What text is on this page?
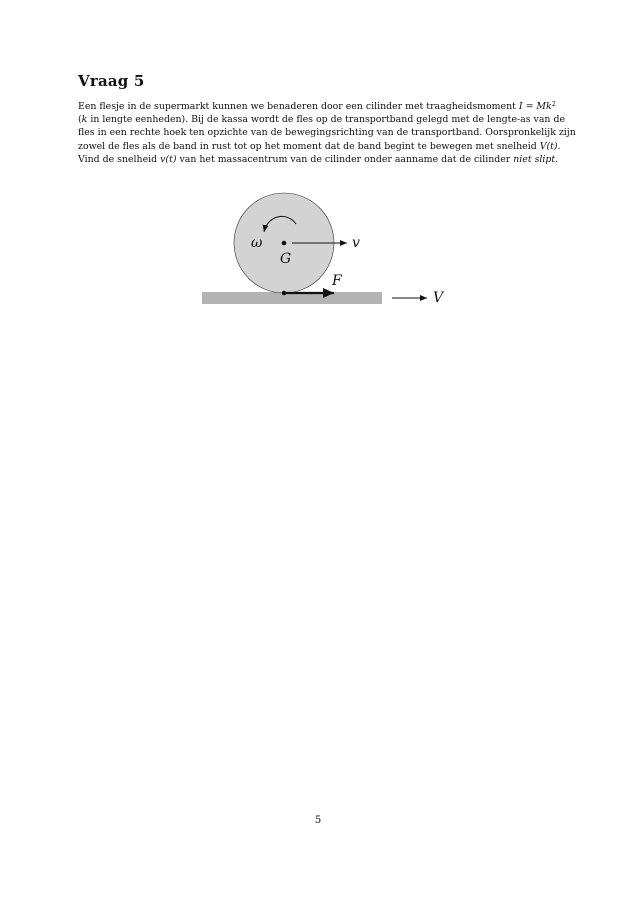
Vraag 5
Een flesje in de supermarkt kunnen we benaderen door een cilinder met traagheidsmoment $I = Mk^2$
(k in lengte eenheden). Bij de kassa wordt de fles op de transportband gelegd met de lengte-as van de
fles in een rechte hoek ten opzichte van de bewegingsrichting van de transportband. Oorspronkelijk zijn
zowel de fles als de band in rust tot op het moment dat de band begint te bewegen met snelheid V(t).
Vind de snelheid v(t) van het massacentrum van de cilinder onder aanname dat de cilinder niet slipt.
ω
G
v
F
V
5
